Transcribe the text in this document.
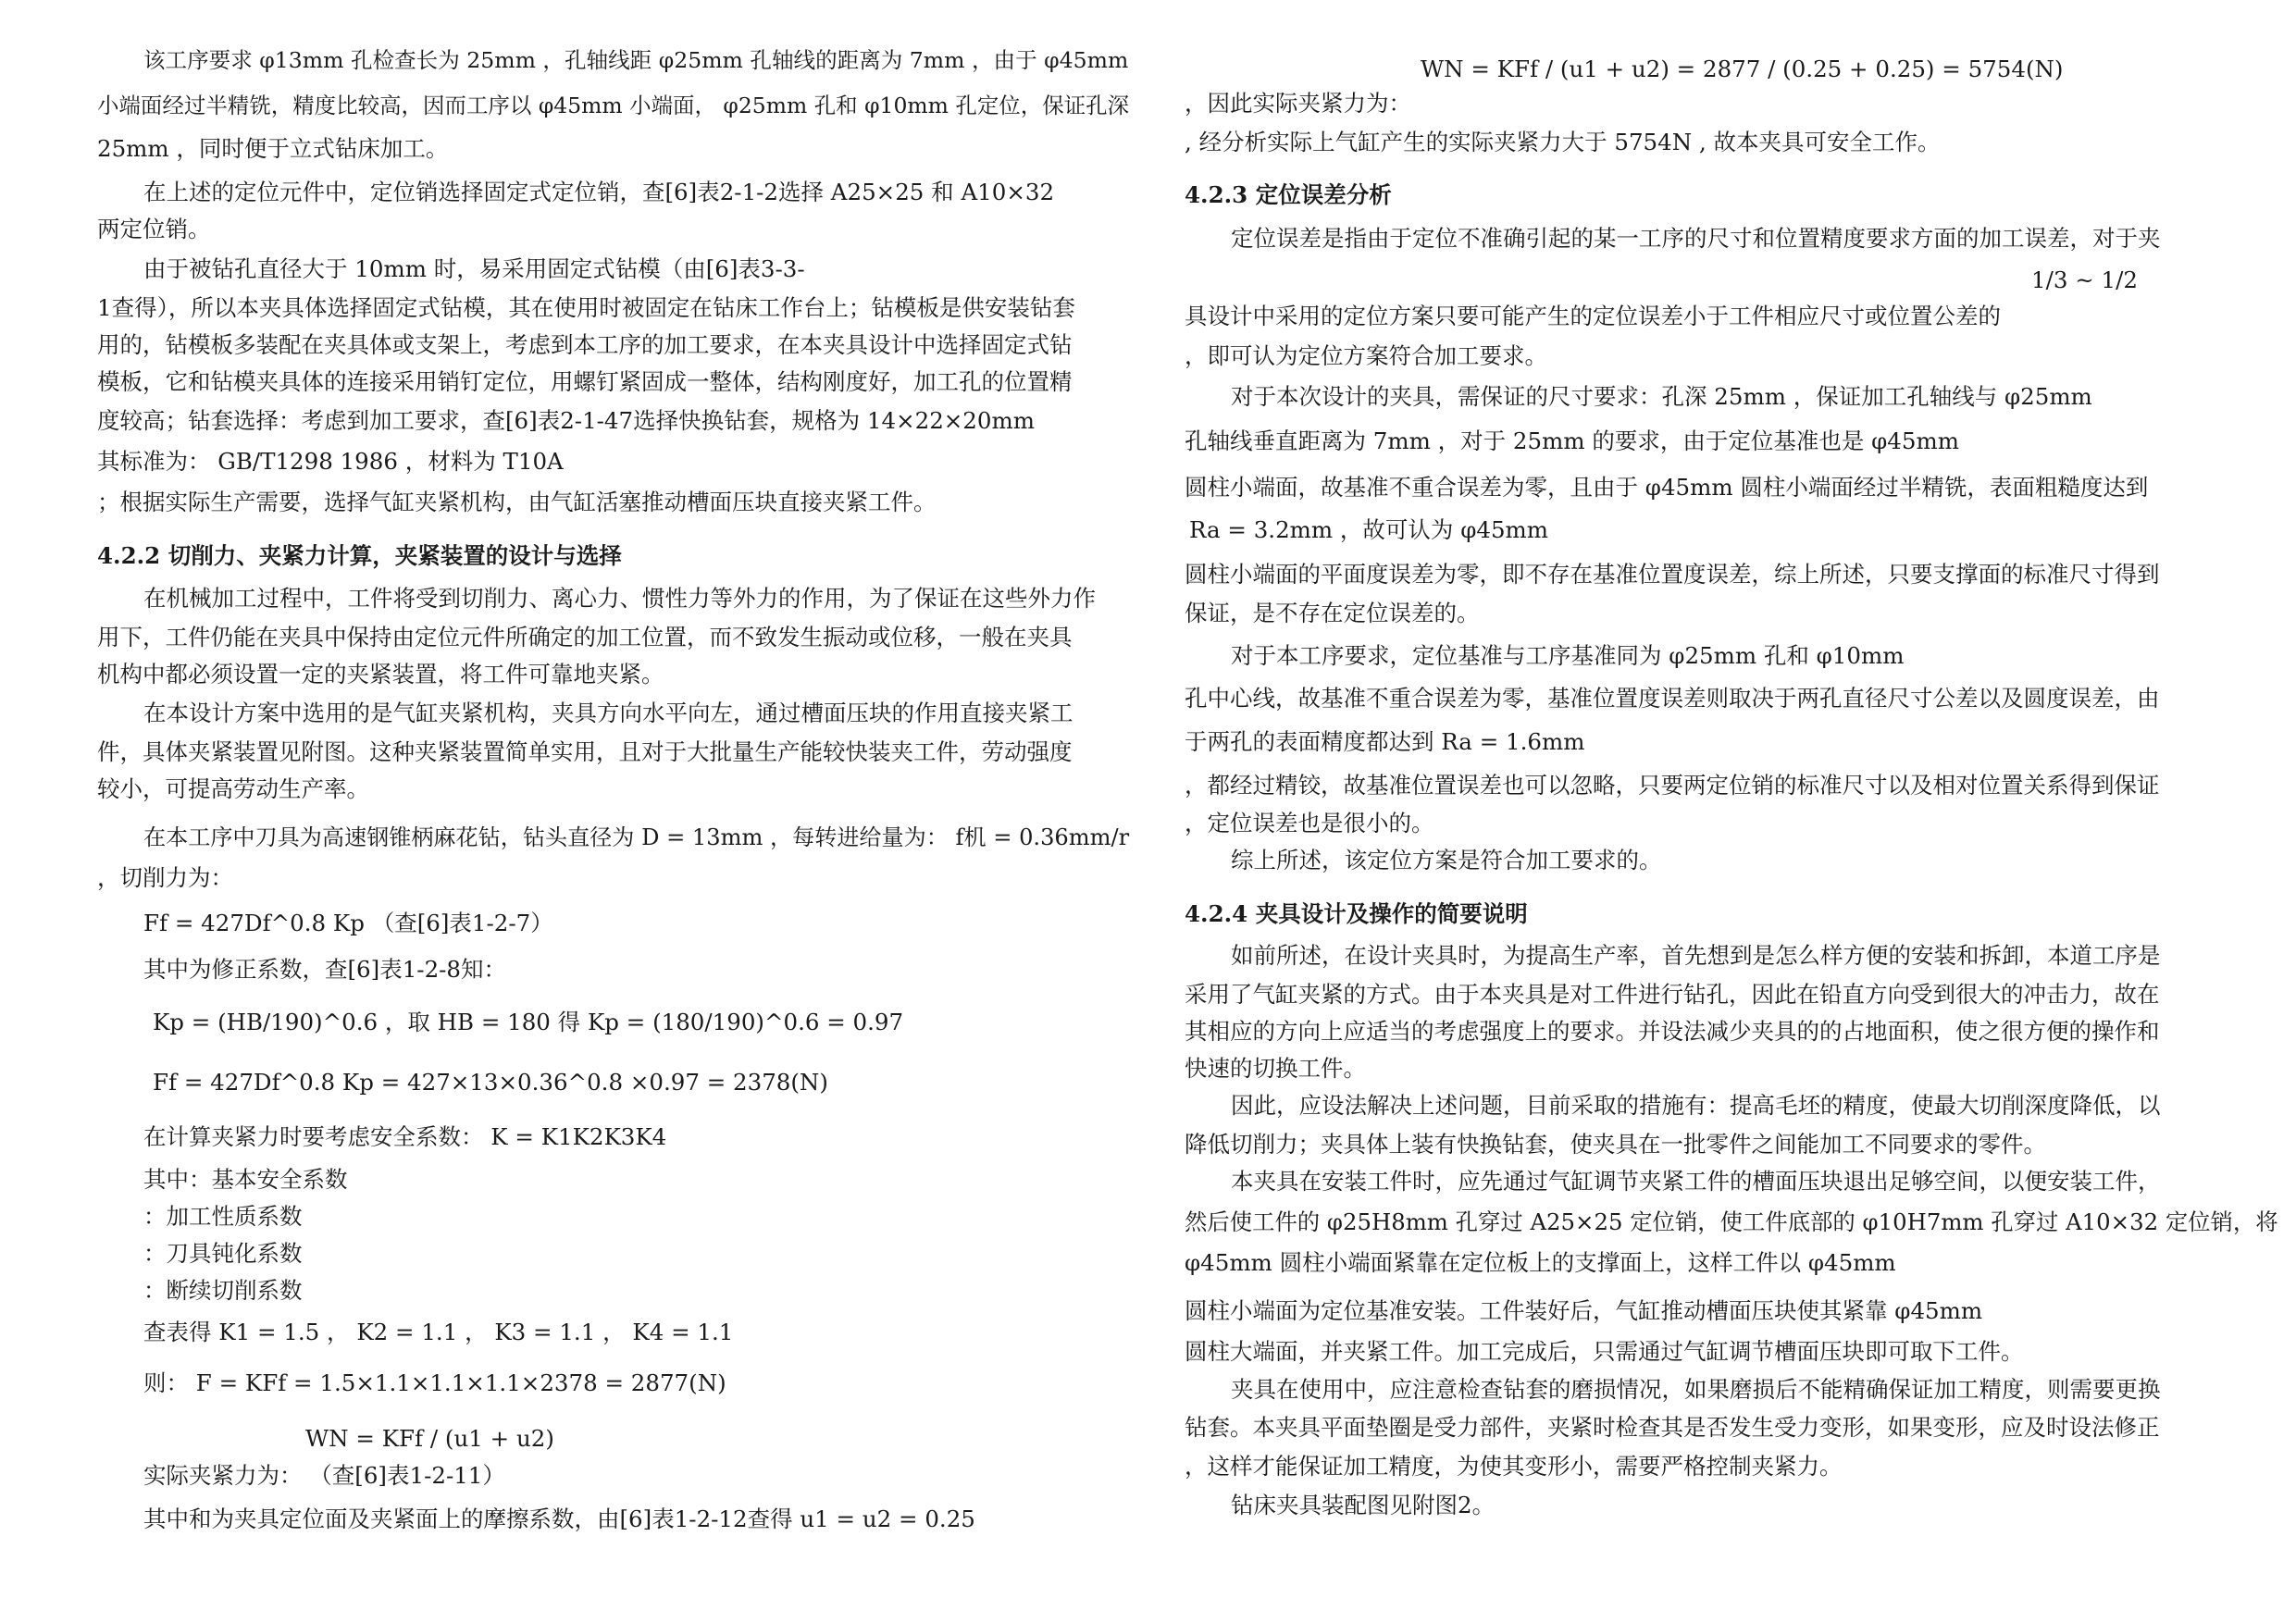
该工序要求 φ13mm 孔检查长为 25mm ，孔轴线距 φ25mm 孔轴线的距离为 7mm ，由于 φ45mm
小端面经过半精铣，精度比较高，因而工序以 φ45mm 小端面， φ25mm 孔和 φ10mm 孔定位，保证孔深
25mm ，同时便于立式钻床加工。
在上述的定位元件中，定位销选择固定式定位销，查[6]表2-1-2选择 A25×25 和 A10×32
两定位销。
由于被钻孔直径大于 10mm 时，易采用固定式钻模（由[6]表3-3-
1查得），所以本夹具体选择固定式钻模，其在使用时被固定在钻床工作台上；钻模板是供安装钻套
用的，钻模板多装配在夹具体或支架上，考虑到本工序的加工要求，在本夹具设计中选择固定式钻
模板，它和钻模夹具体的连接采用销钉定位，用螺钉紧固成一整体，结构刚度好，加工孔的位置精
度较高；钻套选择：考虑到加工要求，查[6]表2-1-47选择快换钻套，规格为 14×22×20mm
其标准为： GB/T1298 1986 ，材料为 T10A
；根据实际生产需要，选择气缸夹紧机构，由气缸活塞推动槽面压块直接夹紧工件。
4.2.2 切削力、夹紧力计算，夹紧装置的设计与选择
在机械加工过程中，工件将受到切削力、离心力、惯性力等外力的作用，为了保证在这些外力作
用下，工件仍能在夹具中保持由定位元件所确定的加工位置，而不致发生振动或位移，一般在夹具
机构中都必须设置一定的夹紧装置，将工件可靠地夹紧。
在本设计方案中选用的是气缸夹紧机构，夹具方向水平向左，通过槽面压块的作用直接夹紧工
件，具体夹紧装置见附图。这种夹紧装置简单实用，且对于大批量生产能较快装夹工件，劳动强度
较小，可提高劳动生产率。
在本工序中刀具为高速钢锥柄麻花钻，钻头直径为 D = 13mm ，每转进给量为： f机 = 0.36mm/r
，切削力为：
Ff = 427Df^0.8 Kp （查[6]表1-2-7）
其中为修正系数，查[6]表1-2-8知：
Kp = (HB/190)^0.6 ，取 HB = 180 得 Kp = (180/190)^0.6 = 0.97
Ff = 427Df^0.8 Kp = 427×13×0.36^0.8 ×0.97 = 2378(N)
在计算夹紧力时要考虑安全系数： K = K1K2K3K4
其中：基本安全系数
：加工性质系数
：刀具钝化系数
：断续切削系数
查表得 K1 = 1.5 ， K2 = 1.1 ， K3 = 1.1 ， K4 = 1.1
则： F = KFf = 1.5×1.1×1.1×1.1×2378 = 2877(N)
WN = KFf / (u1 + u2)
实际夹紧力为： （查[6]表1-2-11）
其中和为夹具定位面及夹紧面上的摩擦系数，由[6]表1-2-12查得 u1 = u2 = 0.25
WN = KFf / (u1 + u2) = 2877 / (0.25 + 0.25) = 5754(N)
，因此实际夹紧力为：
, 经分析实际上气缸产生的实际夹紧力大于 5754N , 故本夹具可安全工作。
4.2.3 定位误差分析
定位误差是指由于定位不准确引起的某一工序的尺寸和位置精度要求方面的加工误差，对于夹
1/3 ~ 1/2
具设计中采用的定位方案只要可能产生的定位误差小于工件相应尺寸或位置公差的
，即可认为定位方案符合加工要求。
对于本次设计的夹具，需保证的尺寸要求：孔深 25mm ，保证加工孔轴线与 φ25mm
孔轴线垂直距离为 7mm ，对于 25mm 的要求，由于定位基准也是 φ45mm
圆柱小端面，故基准不重合误差为零，且由于 φ45mm 圆柱小端面经过半精铣，表面粗糙度达到
Ra = 3.2mm ，故可认为 φ45mm
圆柱小端面的平面度误差为零，即不存在基准位置度误差，综上所述，只要支撑面的标准尺寸得到
保证，是不存在定位误差的。
对于本工序要求，定位基准与工序基准同为 φ25mm 孔和 φ10mm
孔中心线，故基准不重合误差为零，基准位置度误差则取决于两孔直径尺寸公差以及圆度误差，由
于两孔的表面精度都达到 Ra = 1.6mm
，都经过精铰，故基准位置误差也可以忽略，只要两定位销的标准尺寸以及相对位置关系得到保证
，定位误差也是很小的。
综上所述，该定位方案是符合加工要求的。
4.2.4 夹具设计及操作的简要说明
如前所述，在设计夹具时，为提高生产率，首先想到是怎么样方便的安装和拆卸，本道工序是
采用了气缸夹紧的方式。由于本夹具是对工件进行钻孔，因此在铅直方向受到很大的冲击力，故在
其相应的方向上应适当的考虑强度上的要求。并设法减少夹具的的占地面积，使之很方便的操作和
快速的切换工件。
因此，应设法解决上述问题，目前采取的措施有：提高毛坯的精度，使最大切削深度降低，以
降低切削力；夹具体上装有快换钻套，使夹具在一批零件之间能加工不同要求的零件。
本夹具在安装工件时，应先通过气缸调节夹紧工件的槽面压块退出足够空间，以便安装工件，
然后使工件的 φ25H8mm 孔穿过 A25×25 定位销，使工件底部的 φ10H7mm 孔穿过 A10×32 定位销，将
φ45mm 圆柱小端面紧靠在定位板上的支撑面上，这样工件以 φ45mm
圆柱小端面为定位基准安装。工件装好后，气缸推动槽面压块使其紧靠 φ45mm
圆柱大端面，并夹紧工件。加工完成后，只需通过气缸调节槽面压块即可取下工件。
夹具在使用中，应注意检查钻套的磨损情况，如果磨损后不能精确保证加工精度，则需要更换
钻套。本夹具平面垫圈是受力部件，夹紧时检查其是否发生受力变形，如果变形，应及时设法修正
，这样才能保证加工精度，为使其变形小，需要严格控制夹紧力。
钻床夹具装配图见附图2。
